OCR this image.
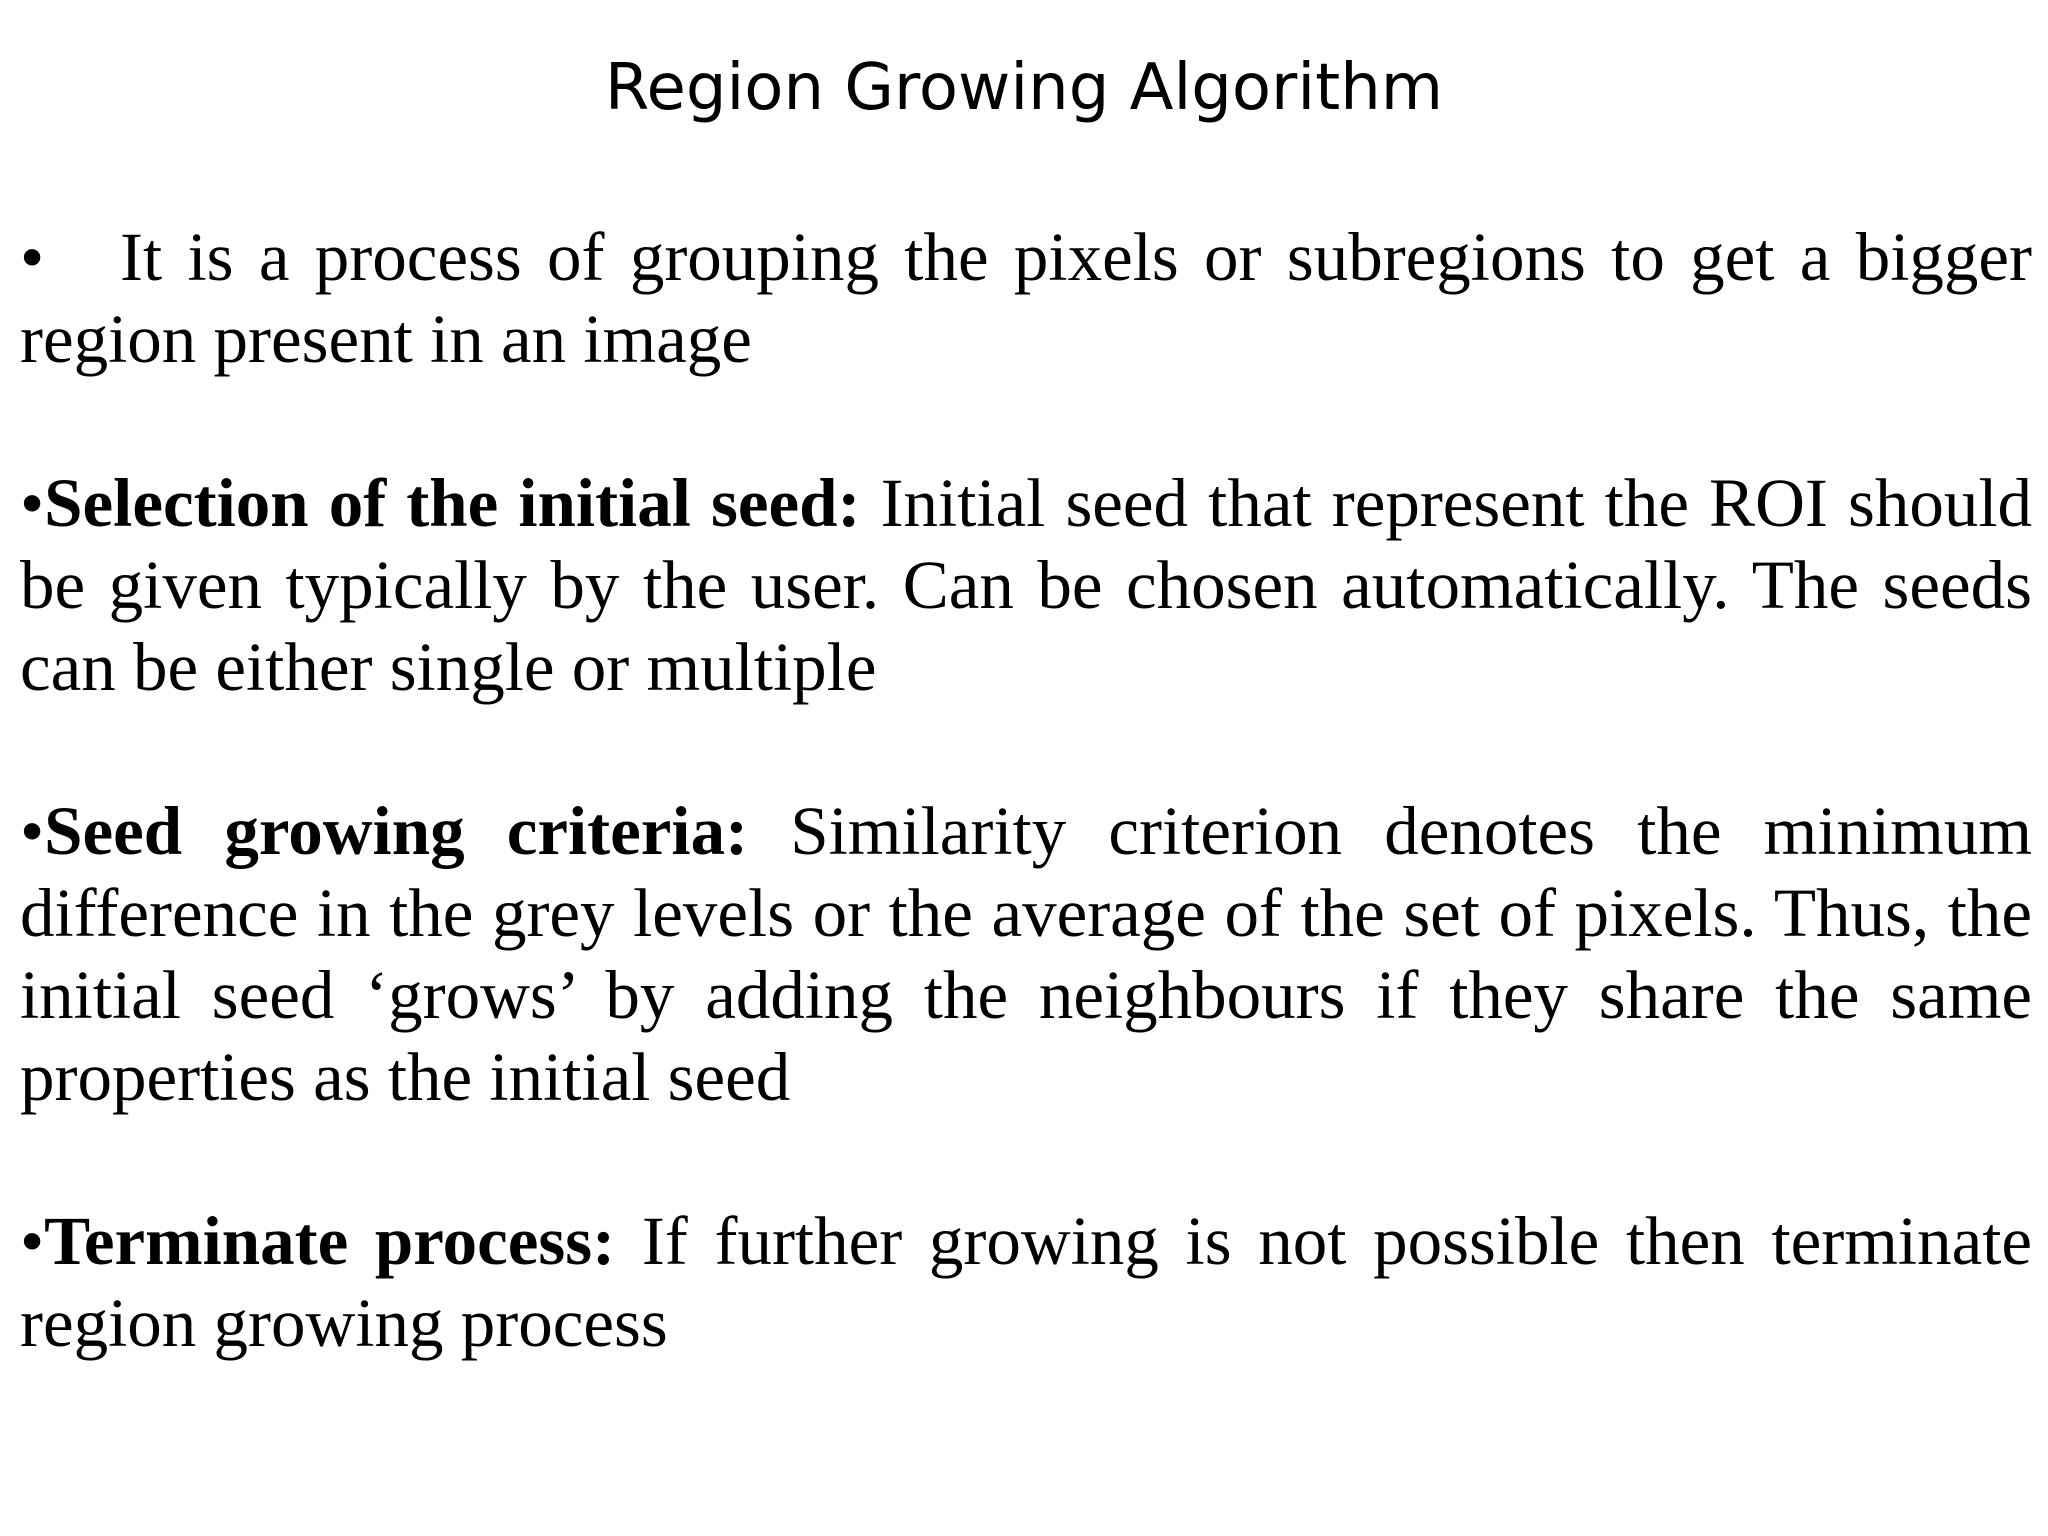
Region Growing Algorithm

• It is a process of grouping the pixels or subregions to get a bigger region present in an image

•Selection of the initial seed: Initial seed that represent the ROI should be given typically by the user. Can be chosen automatically. The seeds can be either single or multiple

•Seed growing criteria: Similarity criterion denotes the minimum difference in the grey levels or the average of the set of pixels. Thus, the initial seed ‘grows’ by adding the neighbours if they share the same properties as the initial seed

•Terminate process: If further growing is not possible then terminate region growing process
